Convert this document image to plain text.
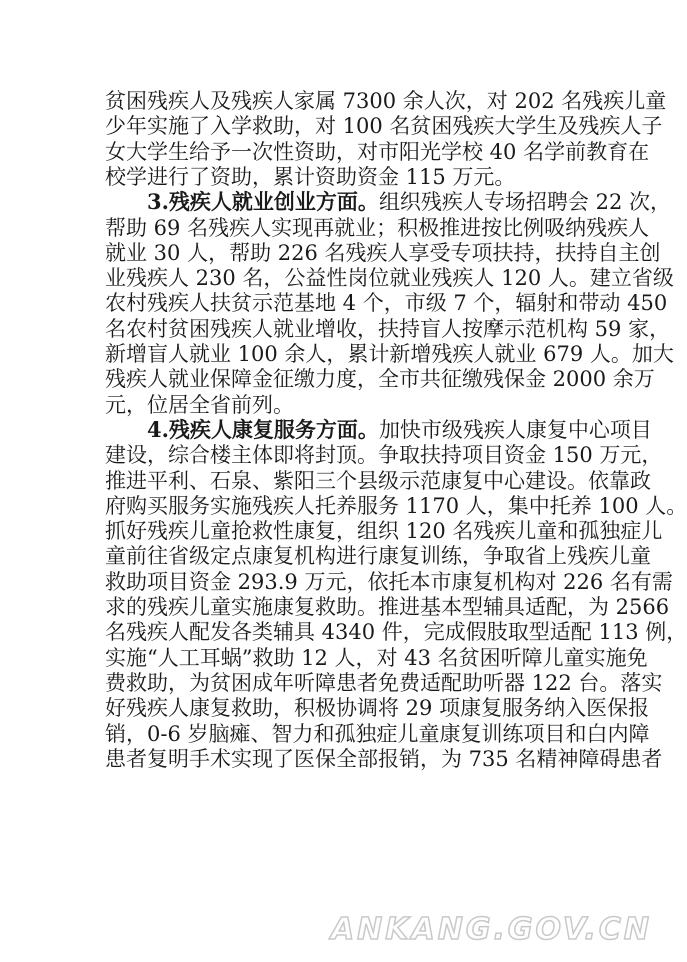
贫困残疾人及残疾人家属 7300 余人次，对 202 名残疾儿童
少年实施了入学救助，对 100 名贫困残疾大学生及残疾人子
女大学生给予一次性资助，对市阳光学校 40 名学前教育在
校学进行了资助，累计资助资金 115 万元。
3.残疾人就业创业方面。组织残疾人专场招聘会 22 次，
帮助 69 名残疾人实现再就业；积极推进按比例吸纳残疾人
就业 30 人，帮助 226 名残疾人享受专项扶持，扶持自主创
业残疾人 230 名，公益性岗位就业残疾人 120 人。建立省级
农村残疾人扶贫示范基地 4 个，市级 7 个，辐射和带动 450
名农村贫困残疾人就业增收，扶持盲人按摩示范机构 59 家，
新增盲人就业 100 余人，累计新增残疾人就业 679 人。加大
残疾人就业保障金征缴力度，全市共征缴残保金 2000 余万
元，位居全省前列。
4.残疾人康复服务方面。加快市级残疾人康复中心项目
建设，综合楼主体即将封顶。争取扶持项目资金 150 万元，
推进平利、石泉、紫阳三个县级示范康复中心建设。依靠政
府购买服务实施残疾人托养服务 1170 人，集中托养 100 人。
抓好残疾儿童抢救性康复，组织 120 名残疾儿童和孤独症儿
童前往省级定点康复机构进行康复训练，争取省上残疾儿童
救助项目资金 293.9 万元，依托本市康复机构对 226 名有需
求的残疾儿童实施康复救助。推进基本型辅具适配，为 2566
名残疾人配发各类辅具 4340 件，完成假肢取型适配 113 例，
实施“人工耳蜗”救助 12 人，对 43 名贫困听障儿童实施免
费救助，为贫困成年听障患者免费适配助听器 122 台。落实
好残疾人康复救助，积极协调将 29 项康复服务纳入医保报
销，0-6 岁脑瘫、智力和孤独症儿童康复训练项目和白内障
患者复明手术实现了医保全部报销，为 735 名精神障碍患者
ANKANG.GOV.CN
